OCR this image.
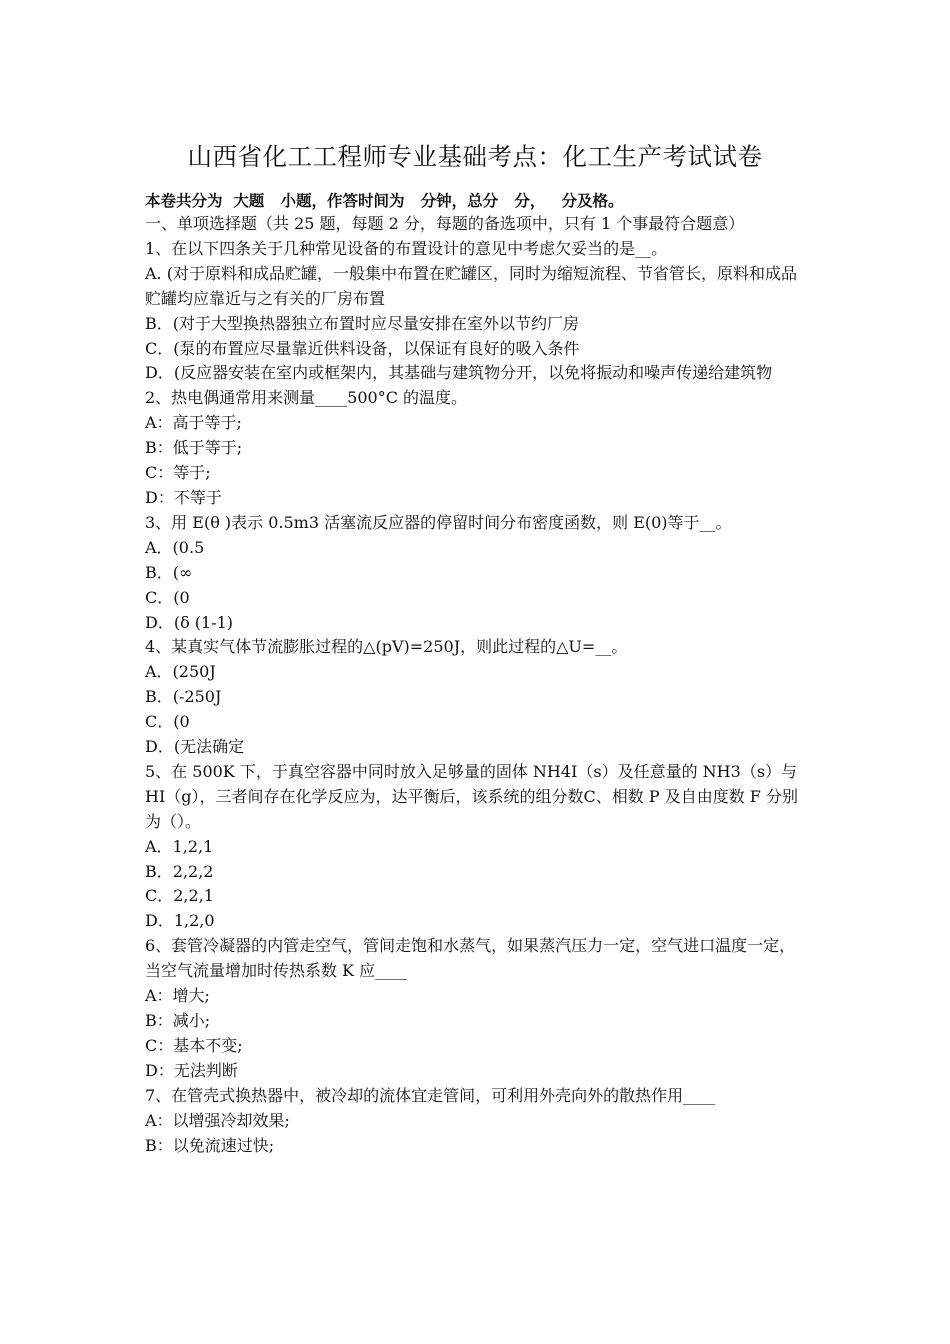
山西省化工工程师专业基础考点：化工生产考试试卷
本卷共分为  大题   小题，作答时间为   分钟，总分   分，   分及格。
一、单项选择题（共 25 题，每题 2 分，每题的备选项中，只有 1 个事最符合题意）
1、在以下四条关于几种常见设备的布置设计的意见中考虑欠妥当的是__。
A. (对于原料和成品贮罐，一般集中布置在贮罐区，同时为缩短流程、节省管长，原料和成品贮罐均应靠近与之有关的厂房布置
B．(对于大型换热器独立布置时应尽量安排在室外以节约厂房
C．(泵的布置应尽量靠近供料设备，以保证有良好的吸入条件
D．(反应器安装在室内或框架内，其基础与建筑物分开，以免将振动和噪声传递给建筑物
2、热电偶通常用来测量____500°C 的温度。
A：高于等于;
B：低于等于;
C：等于;
D：不等于
3、用 E(θ )表示 0.5m3 活塞流反应器的停留时间分布密度函数，则 E(0)等于__。
A．(0.5
B．(∞
C．(0
D．(δ (1-1)
4、某真实气体节流膨胀过程的△(pV)=250J，则此过程的△U=__。
A．(250J
B．(-250J
C．(0
D．(无法确定
5、在 500K 下，于真空容器中同时放入足够量的固体 NH4I（s）及任意量的 NH3（s）与 HI（g），三者间存在化学反应为，达平衡后，该系统的组分数C、相数 P 及自由度数 F 分别为（）。
A．1,2,1
B．2,2,2
C．2,2,1
D．1,2,0
6、套管冷凝器的内管走空气，管间走饱和水蒸气，如果蒸汽压力一定，空气进口温度一定，当空气流量增加时传热系数 K 应____
A：增大;
B：减小;
C：基本不变;
D：无法判断
7、在管壳式换热器中，被冷却的流体宜走管间，可利用外壳向外的散热作用____
A：以增强冷却效果;
B：以免流速过快;
